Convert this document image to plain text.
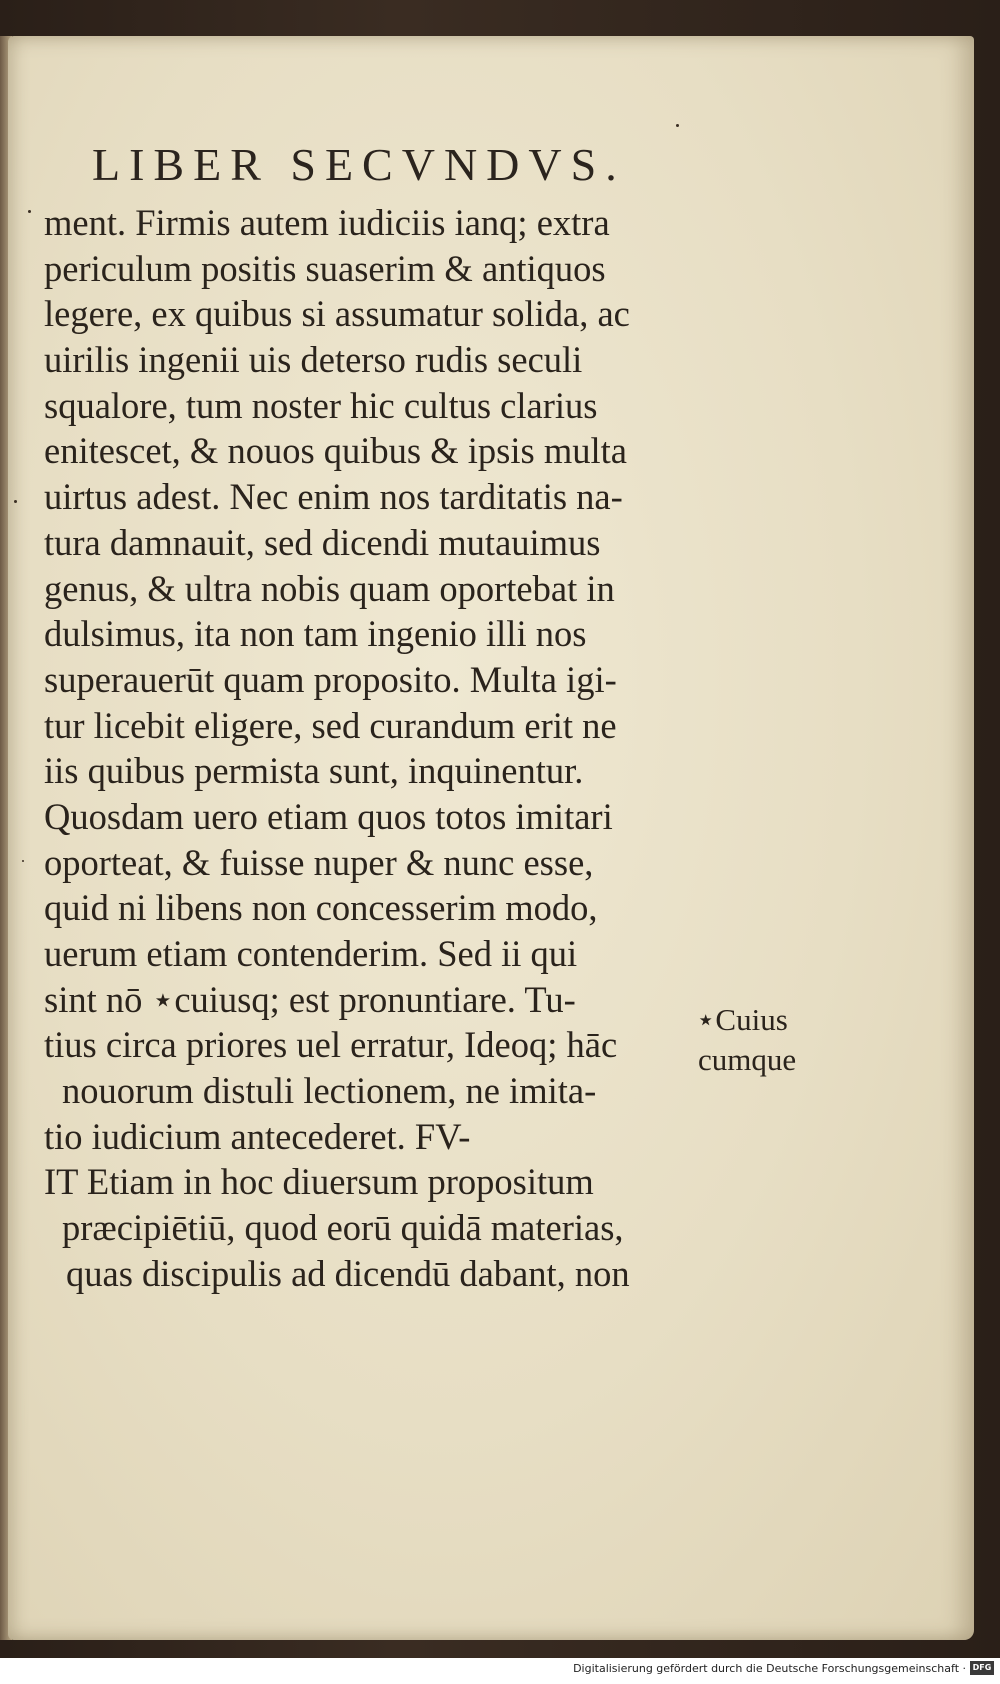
LIBER SECVNDVS.
ment. Firmis autem iudiciis ianq; extra
periculum positis suaserim & antiquos
legere, ex quibus si assumatur solida, ac
uirilis ingenii uis deterso rudis seculi
squalore, tum noster hic cultus clarius
enitescet, & nouos quibus & ipsis multa
uirtus adest. Nec enim nos tarditatis na-
tura damnauit, sed dicendi mutauimus
genus, & ultra nobis quam oportebat in
dulsimus, ita non tam ingenio illi nos
superauerūt quam proposito. Multa igi-
tur licebit eligere, sed curandum erit ne
iis quibus permista sunt, inquinentur.
Quosdam uero etiam quos totos imitari
oporteat, & fuisse nuper & nunc esse,
quid ni libens non concesserim modo,
uerum etiam contenderim. Sed ii qui
sint nō ⋆cuiusq; est pronuntiare. Tu-
tius circa priores uel erratur, Ideoq; hāc
nouorum distuli lectionem, ne imita-
tio iudicium antecederet. FV-
IT Etiam in hoc diuersum propositum
præcipiētiū, quod eorū quidā materias,
quas discipulis ad dicendū dabant, non
⋆Cuius
cumque
Digitalisierung gefördert durch die Deutsche Forschungsgemeinschaft · DFG
